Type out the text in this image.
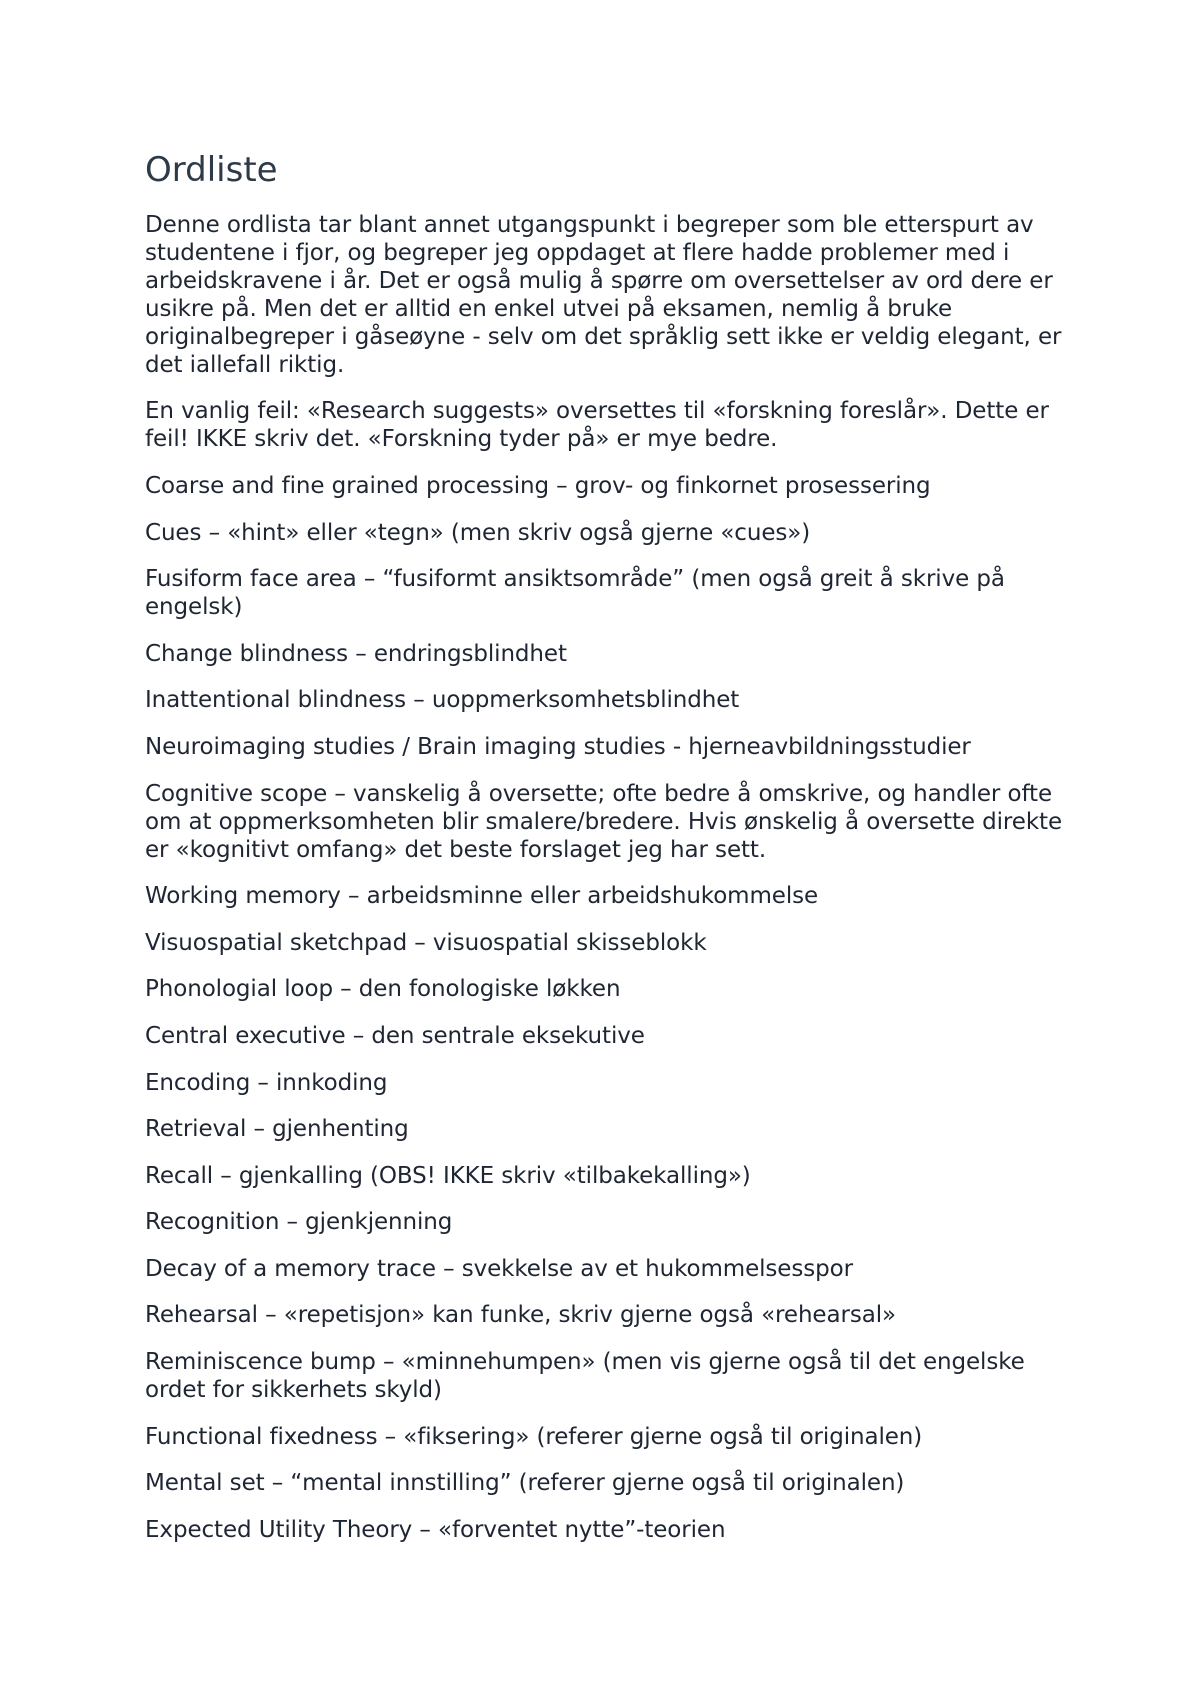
Ordliste

Denne ordlista tar blant annet utgangspunkt i begreper som ble etterspurt av studentene i fjor, og begreper jeg oppdaget at flere hadde problemer med i arbeidskravene i år. Det er også mulig å spørre om oversettelser av ord dere er usikre på. Men det er alltid en enkel utvei på eksamen, nemlig å bruke originalbegreper i gåseøyne - selv om det språklig sett ikke er veldig elegant, er det iallefall riktig.

En vanlig feil: «Research suggests» oversettes til «forskning foreslår». Dette er feil! IKKE skriv det. «Forskning tyder på» er mye bedre.

Coarse and fine grained processing – grov- og finkornet prosessering

Cues – «hint» eller «tegn» (men skriv også gjerne «cues»)

Fusiform face area – “fusiformt ansiktsområde” (men også greit å skrive på engelsk)

Change blindness – endringsblindhet

Inattentional blindness – uoppmerksomhetsblindhet

Neuroimaging studies / Brain imaging studies - hjerneavbildningsstudier

Cognitive scope – vanskelig å oversette; ofte bedre å omskrive, og handler ofte om at oppmerksomheten blir smalere/bredere. Hvis ønskelig å oversette direkte er «kognitivt omfang» det beste forslaget jeg har sett.

Working memory – arbeidsminne eller arbeidshukommelse

Visuospatial sketchpad – visuospatial skisseblokk

Phonologial loop – den fonologiske løkken

Central executive – den sentrale eksekutive

Encoding – innkoding

Retrieval – gjenhenting

Recall – gjenkalling (OBS! IKKE skriv «tilbakekalling»)

Recognition – gjenkjenning

Decay of a memory trace – svekkelse av et hukommelsesspor

Rehearsal – «repetisjon» kan funke, skriv gjerne også «rehearsal»

Reminiscence bump – «minnehumpen» (men vis gjerne også til det engelske ordet for sikkerhets skyld)

Functional fixedness – «fiksering» (referer gjerne også til originalen)

Mental set – “mental innstilling” (referer gjerne også til originalen)

Expected Utility Theory – «forventet nytte”-teorien
